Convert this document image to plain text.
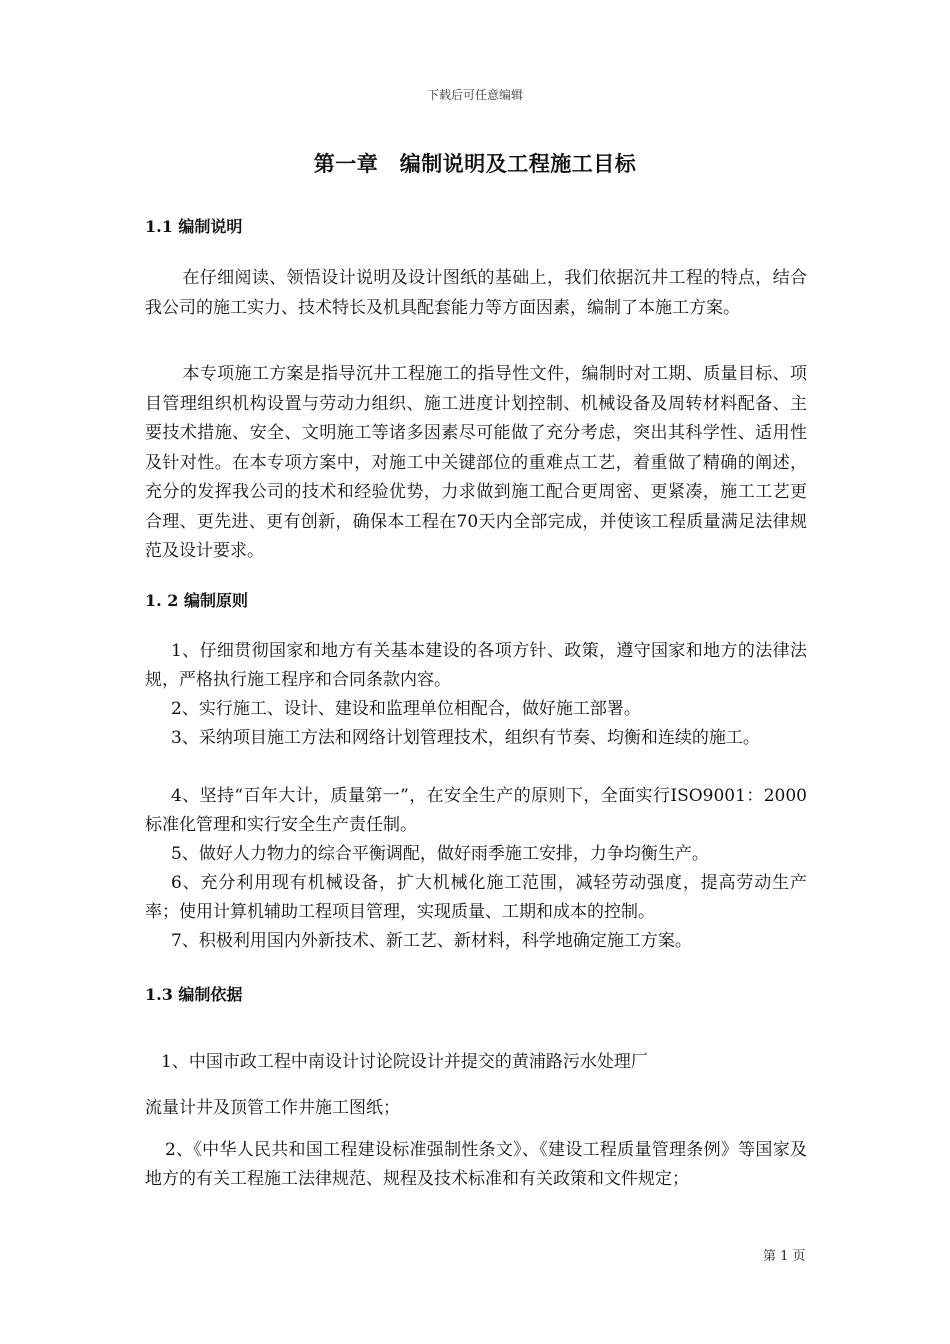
下载后可任意编辑
第一章　编制说明及工程施工目标
1.1 编制说明
在仔细阅读、领悟设计说明及设计图纸的基础上，我们依据沉井工程的特点，结合我公司的施工实力、技术特长及机具配套能力等方面因素，编制了本施工方案。
本专项施工方案是指导沉井工程施工的指导性文件，编制时对工期、质量目标、项目管理组织机构设置与劳动力组织、施工进度计划控制、机械设备及周转材料配备、主要技术措施、安全、文明施工等诸多因素尽可能做了充分考虑，突出其科学性、适用性及针对性。在本专项方案中，对施工中关键部位的重难点工艺，着重做了精确的阐述，充分的发挥我公司的技术和经验优势，力求做到施工配合更周密、更紧凑，施工工艺更合理、更先进、更有创新，确保本工程在70天内全部完成，并使该工程质量满足法律规范及设计要求。
1. 2 编制原则
1、仔细贯彻国家和地方有关基本建设的各项方针、政策，遵守国家和地方的法律法规，严格执行施工程序和合同条款内容。
2、实行施工、设计、建设和监理单位相配合，做好施工部署。
3、采纳项目施工方法和网络计划管理技术，组织有节奏、均衡和连续的施工。
4、坚持“百年大计，质量第一”，在安全生产的原则下，全面实行ISO9001：2000标准化管理和实行安全生产责任制。
5、做好人力物力的综合平衡调配，做好雨季施工安排，力争均衡生产。
6、充分利用现有机械设备，扩大机械化施工范围，减轻劳动强度，提高劳动生产率；使用计算机辅助工程项目管理，实现质量、工期和成本的控制。
7、积极利用国内外新技术、新工艺、新材料，科学地确定施工方案。
1.3 编制依据
1、中国市政工程中南设计讨论院设计并提交的黄浦路污水处理厂
流量计井及顶管工作井施工图纸；
2、《中华人民共和国工程建设标准强制性条文》、《建设工程质量管理条例》等国家及地方的有关工程施工法律规范、规程及技术标准和有关政策和文件规定；
第 1 页
